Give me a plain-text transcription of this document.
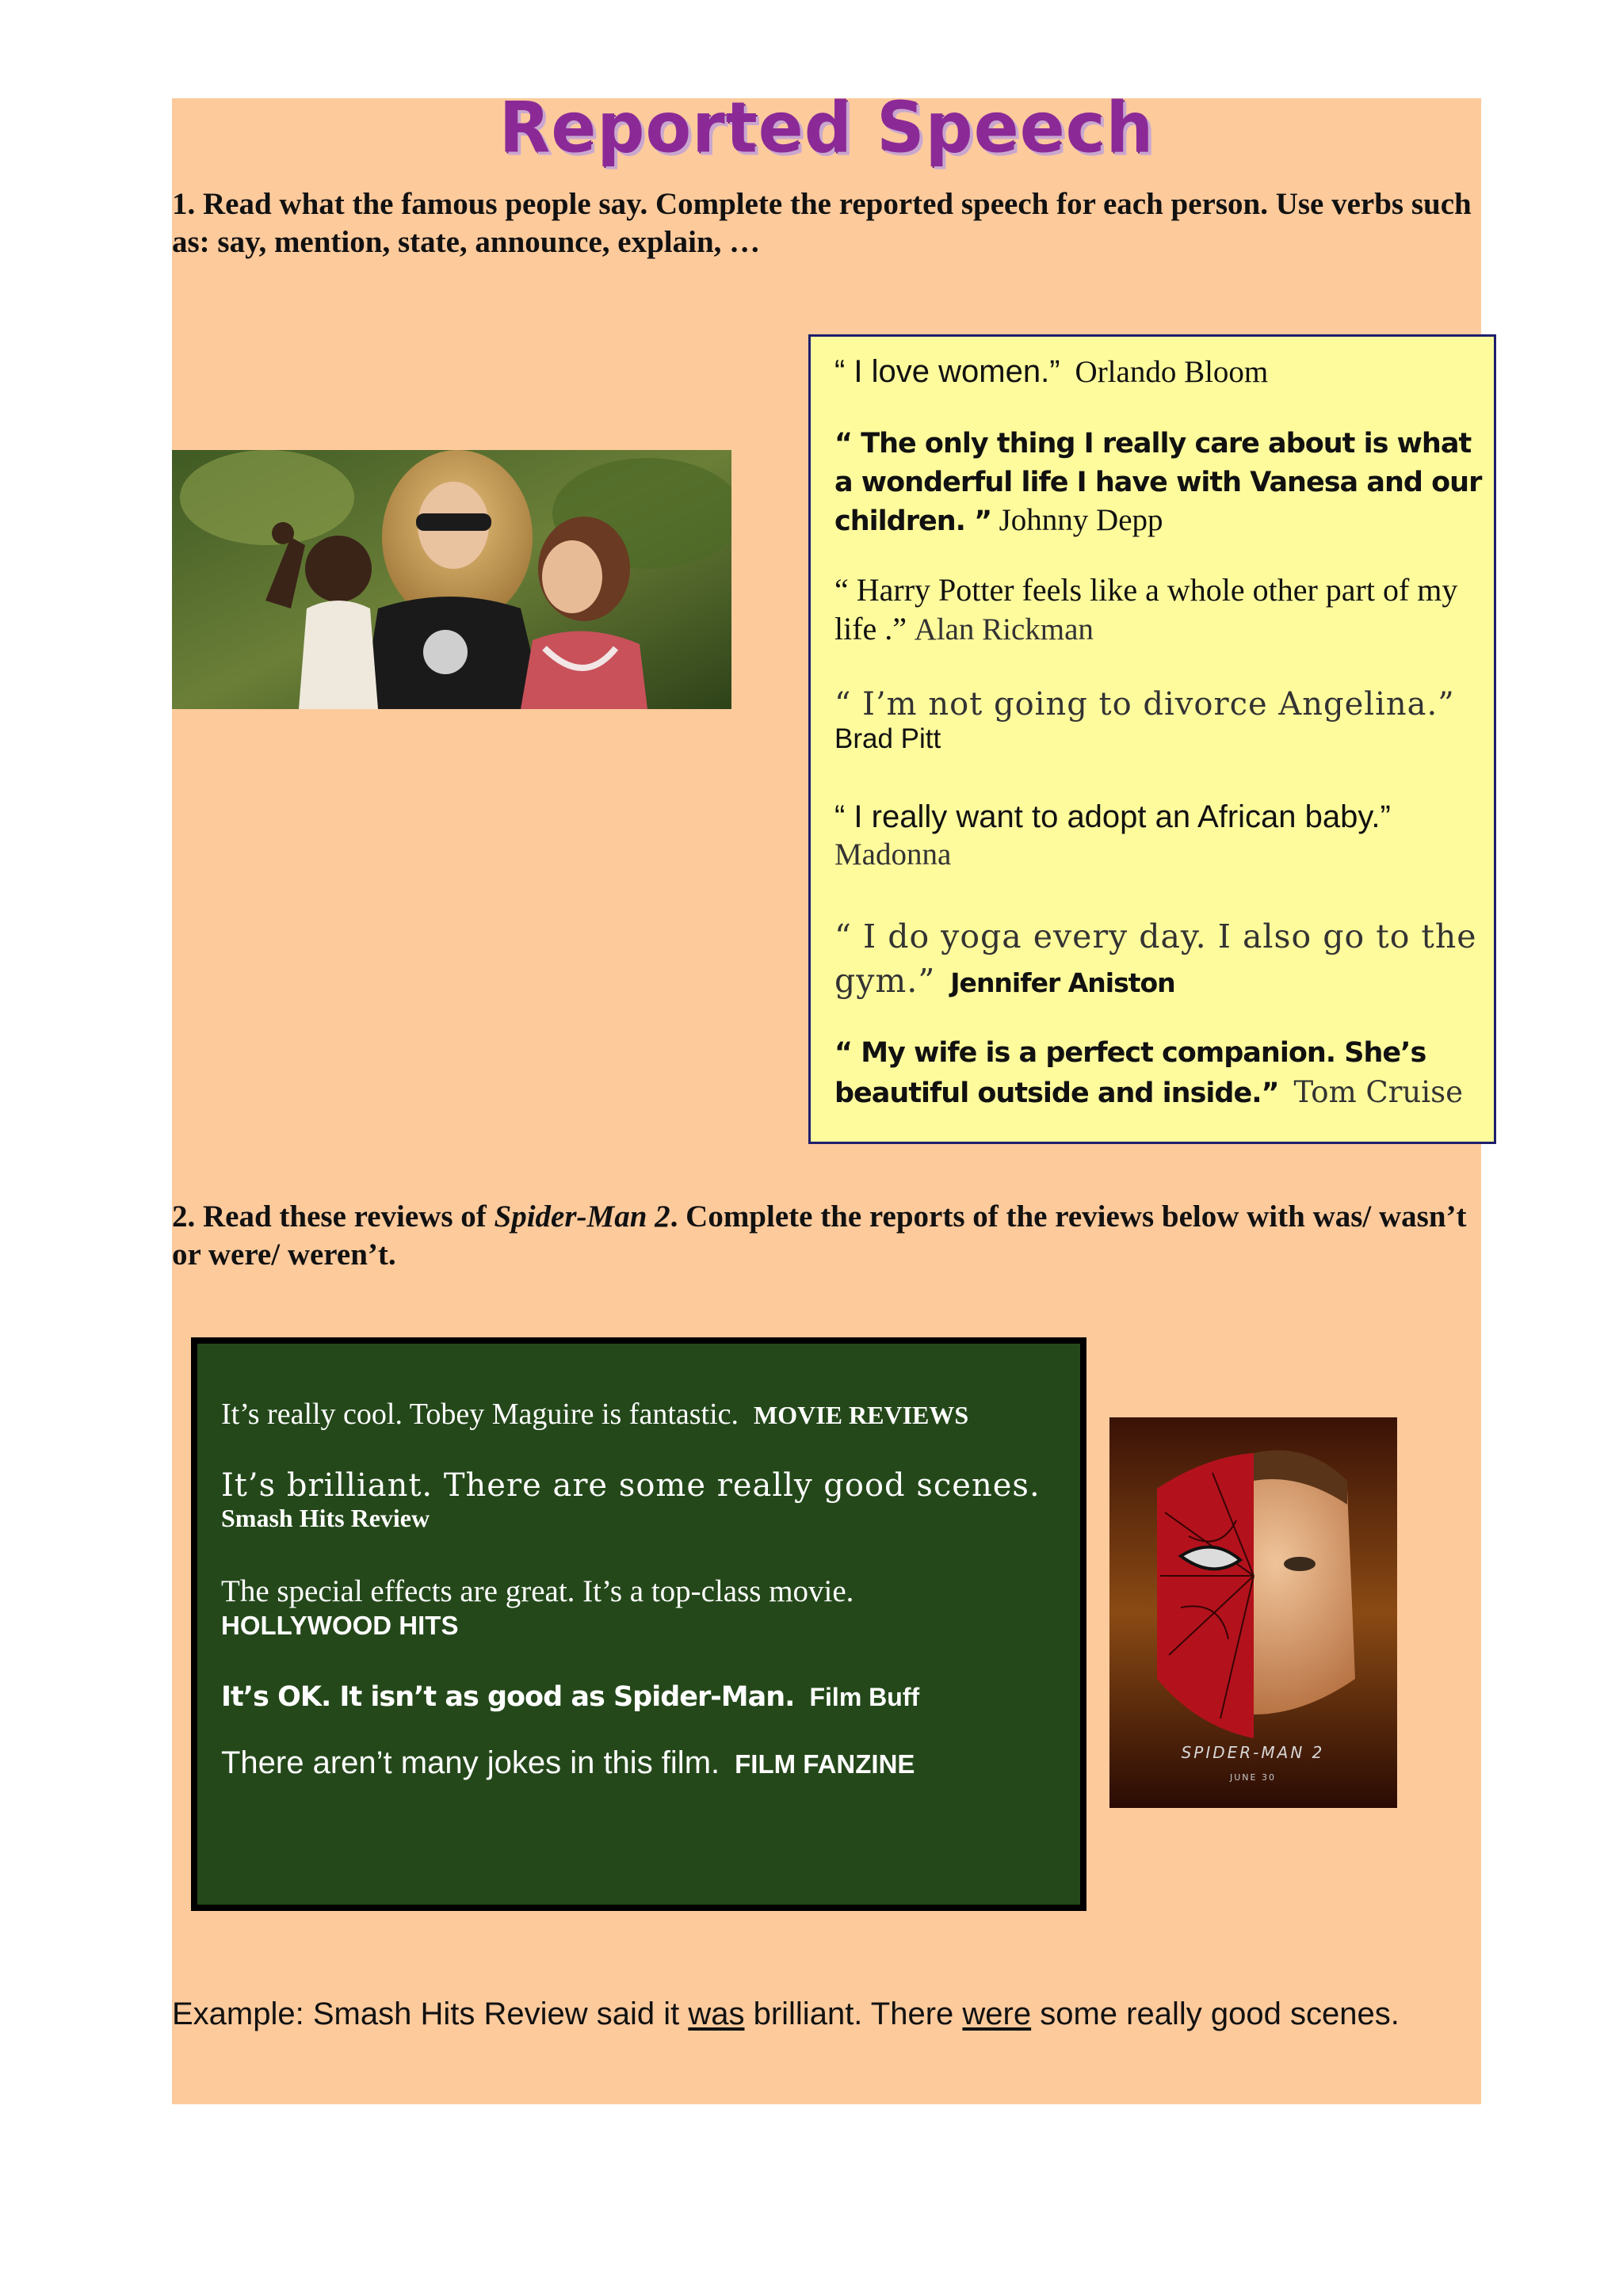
Reported Speech
1. Read what the famous people say. Complete the reported speech for each person. Use verbs such as: say, mention, state, announce, explain, …
“ I love women.” Orlando Bloom
“ The only thing I really care about is what a wonderful life I have with Vanesa and our children. ” Johnny Depp
“ Harry Potter feels like a whole other part of my life .” Alan Rickman
“ I’m not going to divorce Angelina.”
Brad Pitt
“ I really want to adopt an African baby.”
Madonna
“ I do yoga every day. I also go to the gym.” Jennifer Aniston
“ My wife is a perfect companion. She’s beautiful outside and inside.” Tom Cruise
2. Read these reviews of Spider-Man 2. Complete the reports of the reviews below with was/ wasn’t or were/ weren’t.
It’s really cool. Tobey Maguire is fantastic. MOVIE REVIEWS
It’s brilliant. There are some really good scenes.
Smash Hits Review
The special effects are great. It’s a top-class movie.
HOLLYWOOD HITS
It’s OK. It isn’t as good as Spider-Man. Film Buff
There aren’t many jokes in this film. FILM FANZINE	SPIDER-MAN 2
JUNE 30
Example: Smash Hits Review said it was brilliant. There were some really good scenes.
